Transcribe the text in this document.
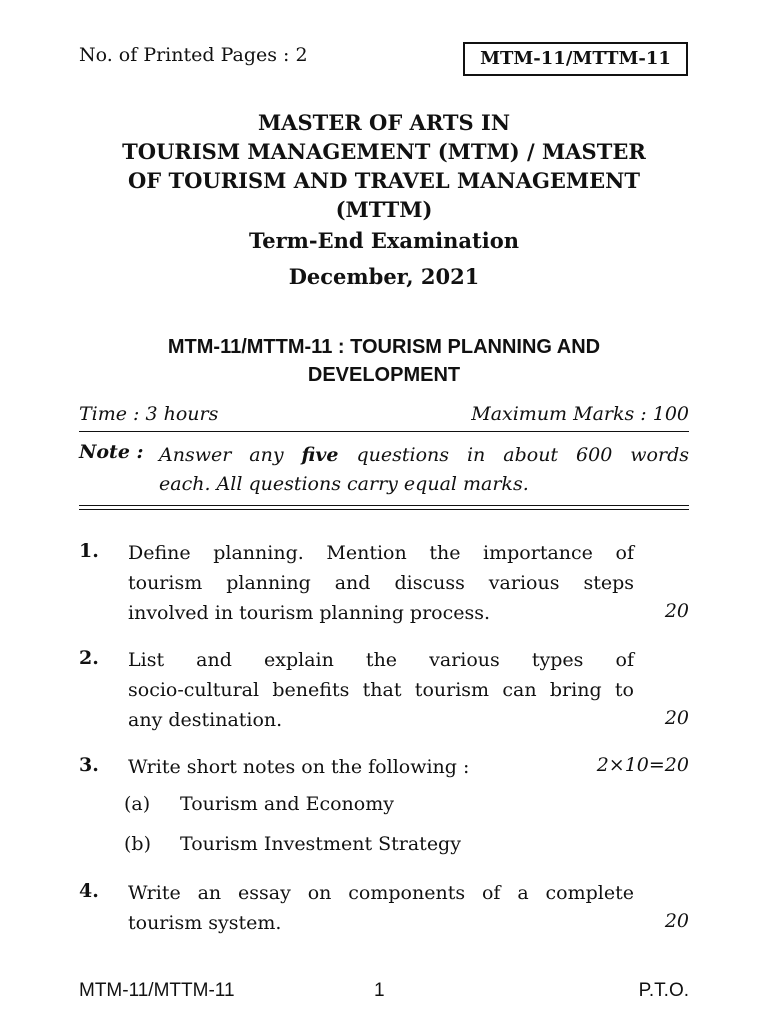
No. of Printed Pages : 2	MTM-11/MTTM-11
MASTER OF ARTS IN
TOURISM MANAGEMENT (MTM) / MASTER
OF TOURISM AND TRAVEL MANAGEMENT
(MTTM)
Term-End Examination
December, 2021
MTM-11/MTTM-11 : TOURISM PLANNING AND
DEVELOPMENT
Time : 3 hours	Maximum Marks : 100
Note : Answer any five questions in about 600 words
each. All questions carry equal marks.
1. Define planning. Mention the importance of
tourism planning and discuss various steps
involved in tourism planning process.	20
2. List and explain the various types of
socio-cultural benefits that tourism can bring to
any destination.	20
3. Write short notes on the following :	2×10=20
(a) Tourism and Economy
(b) Tourism Investment Strategy
4. Write an essay on components of a complete
tourism system.	20
MTM-11/MTTM-11	1	P.T.O.
